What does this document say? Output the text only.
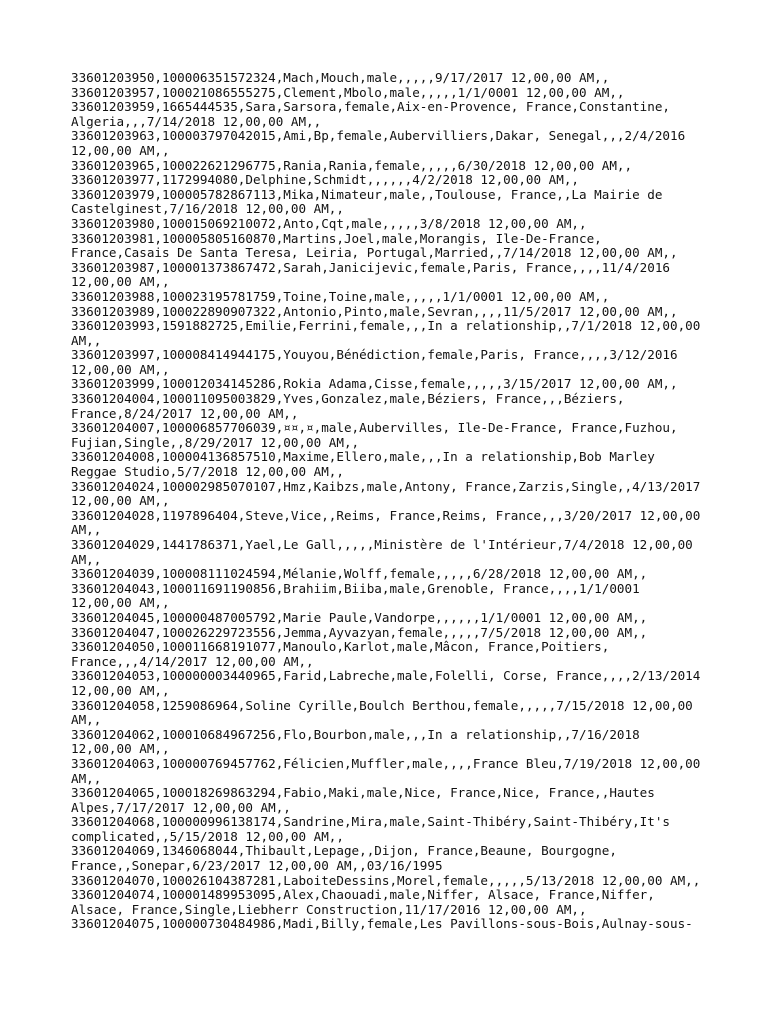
33601203950,100006351572324,Mach,Mouch,male,,,,,9/17/2017 12,00,00 AM,,
33601203957,100021086555275,Clement,Mbolo,male,,,,,1/1/0001 12,00,00 AM,,
33601203959,1665444535,Sara,Sarsora,female,Aix-en-Provence, France,Constantine,
Algeria,,,7/14/2018 12,00,00 AM,,
33601203963,100003797042015,Ami,Bp,female,Aubervilliers,Dakar, Senegal,,,2/4/2016
12,00,00 AM,,
33601203965,100022621296775,Rania,Rania,female,,,,,6/30/2018 12,00,00 AM,,
33601203977,1172994080,Delphine,Schmidt,,,,,,4/2/2018 12,00,00 AM,,
33601203979,100005782867113,Mika,Nimateur,male,,Toulouse, France,,La Mairie de
Castelginest,7/16/2018 12,00,00 AM,,
33601203980,100015069210072,Anto,Cqt,male,,,,,3/8/2018 12,00,00 AM,,
33601203981,100005805160870,Martins,Joel,male,Morangis, Ile-De-France,
France,Casais De Santa Teresa, Leiria, Portugal,Married,,7/14/2018 12,00,00 AM,,
33601203987,100001373867472,Sarah,Janicijevic,female,Paris, France,,,,11/4/2016
12,00,00 AM,,
33601203988,100023195781759,Toine,Toine,male,,,,,1/1/0001 12,00,00 AM,,
33601203989,100022890907322,Antonio,Pinto,male,Sevran,,,,11/5/2017 12,00,00 AM,,
33601203993,1591882725,Emilie,Ferrini,female,,,In a relationship,,7/1/2018 12,00,00
AM,,
33601203997,100008414944175,Youyou,Bénédiction,female,Paris, France,,,,3/12/2016
12,00,00 AM,,
33601203999,100012034145286,Rokia Adama,Cisse,female,,,,,3/15/2017 12,00,00 AM,,
33601204004,100011095003829,Yves,Gonzalez,male,Béziers, France,,,Béziers,
France,8/24/2017 12,00,00 AM,,
33601204007,100006857706039,¤¤,¤,male,Aubervilles, Ile-De-France, France,Fuzhou,
Fujian,Single,,8/29/2017 12,00,00 AM,,
33601204008,100004136857510,Maxime,Ellero,male,,,In a relationship,Bob Marley
Reggae Studio,5/7/2018 12,00,00 AM,,
33601204024,100002985070107,Hmz,Kaibzs,male,Antony, France,Zarzis,Single,,4/13/2017
12,00,00 AM,,
33601204028,1197896404,Steve,Vice,,Reims, France,Reims, France,,,3/20/2017 12,00,00
AM,,
33601204029,1441786371,Yael,Le Gall,,,,,Ministère de l'Intérieur,7/4/2018 12,00,00
AM,,
33601204039,100008111024594,Mélanie,Wolff,female,,,,,6/28/2018 12,00,00 AM,,
33601204043,100011691190856,Brahiim,Biiba,male,Grenoble, France,,,,1/1/0001
12,00,00 AM,,
33601204045,100000487005792,Marie Paule,Vandorpe,,,,,,1/1/0001 12,00,00 AM,,
33601204047,100026229723556,Jemma,Ayvazyan,female,,,,,7/5/2018 12,00,00 AM,,
33601204050,100011668191077,Manoulo,Karlot,male,Mâcon, France,Poitiers,
France,,,4/14/2017 12,00,00 AM,,
33601204053,100000003440965,Farid,Labreche,male,Folelli, Corse, France,,,,2/13/2014
12,00,00 AM,,
33601204058,1259086964,Soline Cyrille,Boulch Berthou,female,,,,,7/15/2018 12,00,00
AM,,
33601204062,100010684967256,Flo,Bourbon,male,,,In a relationship,,7/16/2018
12,00,00 AM,,
33601204063,100000769457762,Félicien,Muffler,male,,,,France Bleu,7/19/2018 12,00,00
AM,,
33601204065,100018269863294,Fabio,Maki,male,Nice, France,Nice, France,,Hautes
Alpes,7/17/2017 12,00,00 AM,,
33601204068,100000996138174,Sandrine,Mira,male,Saint-Thibéry,Saint-Thibéry,It's
complicated,,5/15/2018 12,00,00 AM,,
33601204069,1346068044,Thibault,Lepage,,Dijon, France,Beaune, Bourgogne,
France,,Sonepar,6/23/2017 12,00,00 AM,,03/16/1995
33601204070,100026104387281,LaboiteDessins,Morel,female,,,,,5/13/2018 12,00,00 AM,,
33601204074,100001489953095,Alex,Chaouadi,male,Niffer, Alsace, France,Niffer,
Alsace, France,Single,Liebherr Construction,11/17/2016 12,00,00 AM,,
33601204075,100000730484986,Madi,Billy,female,Les Pavillons-sous-Bois,Aulnay-sous-
